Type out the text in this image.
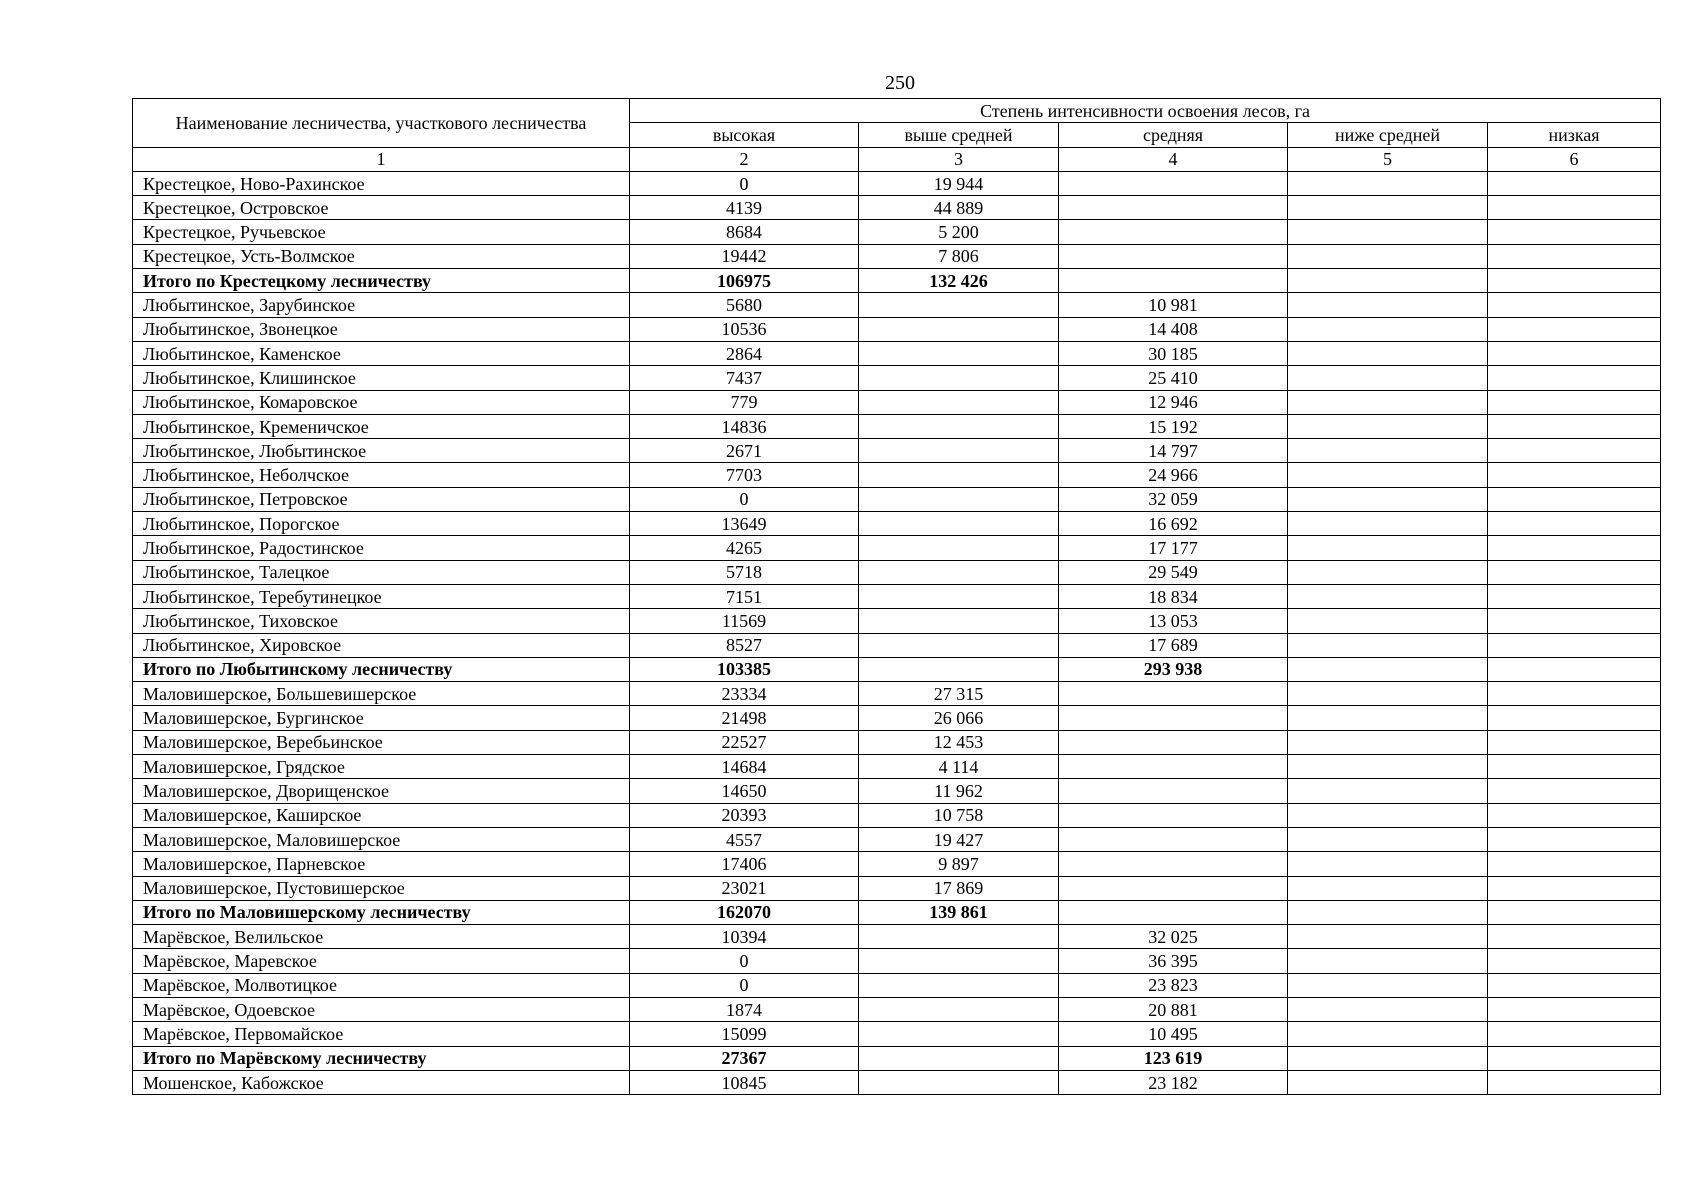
250
Наименование лесничества, участкового лесничества	Степень интенсивности освоения лесов, га				
	высокая	выше средней	средняя	ниже средней	низкая
1	2	3	4	5	6
Крестецкое, Ново-Рахинское	0	19 944			
Крестецкое, Островское	4139	44 889			
Крестецкое, Ручьевское	8684	5 200			
Крестецкое, Усть-Волмское	19442	7 806			
Итого по Крестецкому лесничеству	106975	132 426			
Любытинское, Зарубинское	5680		10 981		
Любытинское, Звонецкое	10536		14 408		
Любытинское, Каменское	2864		30 185		
Любытинское, Клишинское	7437		25 410		
Любытинское, Комаровское	779		12 946		
Любытинское, Кременичское	14836		15 192		
Любытинское, Любытинское	2671		14 797		
Любытинское, Неболчское	7703		24 966		
Любытинское, Петровское	0		32 059		
Любытинское, Порогское	13649		16 692		
Любытинское, Радостинское	4265		17 177		
Любытинское, Талецкое	5718		29 549		
Любытинское, Теребутинецкое	7151		18 834		
Любытинское, Тиховское	11569		13 053		
Любытинское, Хировское	8527		17 689		
Итого по Любытинскому лесничеству	103385		293 938		
Маловишерское, Большевишерское	23334	27 315			
Маловишерское, Бургинское	21498	26 066			
Маловишерское, Веребьинское	22527	12 453			
Маловишерское, Грядское	14684	4 114			
Маловишерское, Дворищенское	14650	11 962			
Маловишерское, Каширское	20393	10 758			
Маловишерское, Маловишерское	4557	19 427			
Маловишерское, Парневское	17406	9 897			
Маловишерское, Пустовишерское	23021	17 869			
Итого по Маловишерскому лесничеству	162070	139 861			
Марёвское, Велильское	10394		32 025		
Марёвское, Маревское	0		36 395		
Марёвское, Молвотицкое	0		23 823		
Марёвское, Одоевское	1874		20 881		
Марёвское, Первомайское	15099		10 495		
Итого по Марёвскому лесничеству	27367		123 619		
Мошенское, Кабожское	10845		23 182		
